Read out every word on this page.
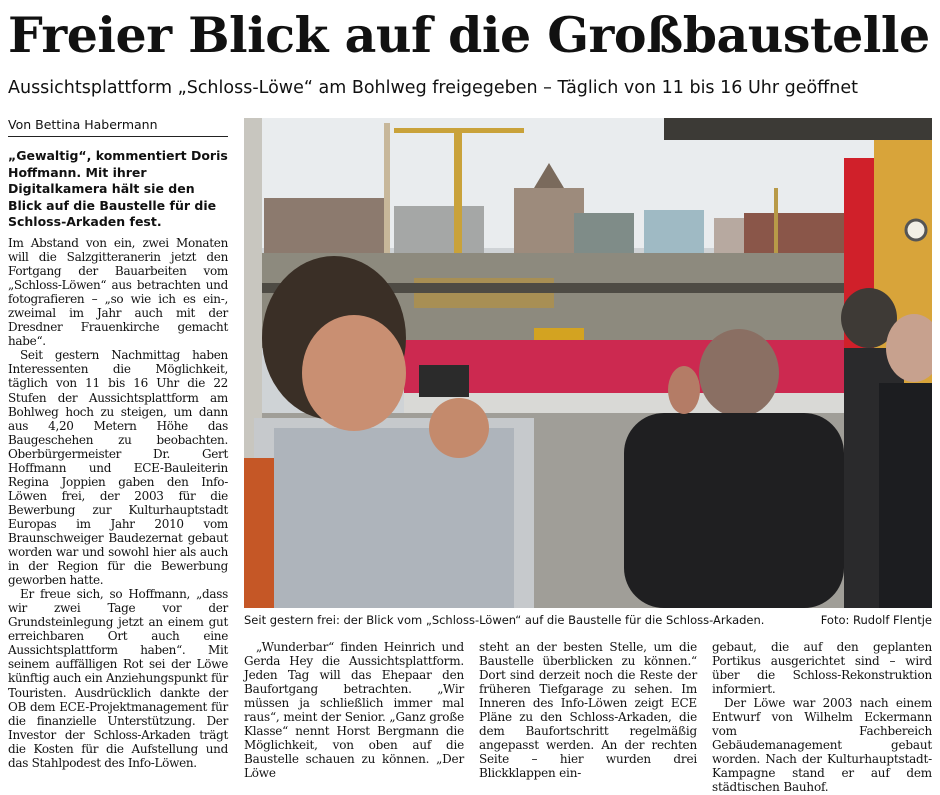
Freier Blick auf die Großbaustelle
Aussichtsplattform „Schloss-Löwe“ am Bohlweg freigegeben – Täglich von 11 bis 16 Uhr geöffnet
Von Bettina Habermann
„Gewaltig“, kommentiert Doris Hoffmann. Mit ihrer Digitalkamera hält sie den Blick auf die Baustelle für die Schloss-Arkaden fest.

Im Abstand von ein, zwei Monaten will die Salzgitteranerin jetzt den Fortgang der Bauarbeiten vom „Schloss-Löwen“ aus betrachten und fotografieren – „so wie ich es ein-, zweimal im Jahr auch mit der Dresdner Frauenkirche gemacht habe“.

Seit gestern Nachmittag haben Interessenten die Möglichkeit, täglich von 11 bis 16 Uhr die 22 Stufen der Aussichtsplattform am Bohlweg hoch zu steigen, um dann aus 4,20 Metern Höhe das Baugeschehen zu beobachten. Oberbürgermeister Dr. Gert Hoffmann und ECE-Bauleiterin Regina Joppien gaben den Info-Löwen frei, der 2003 für die Bewerbung zur Kulturhauptstadt Europas im Jahr 2010 vom Braunschweiger Baudezernat gebaut worden war und sowohl hier als auch in der Region für die Bewerbung geworben hatte.

Er freue sich, so Hoffmann, „dass wir zwei Tage vor der Grundsteinlegung jetzt an einem gut erreichbaren Ort auch eine Aussichtsplattform haben“. Mit seinem auffälligen Rot sei der Löwe künftig auch ein Anziehungspunkt für Touristen. Ausdrücklich dankte der OB dem ECE-Projektmanagement für die finanzielle Unterstützung. Der Investor der Schloss-Arkaden trägt die Kosten für die Aufstellung und das Stahlpodest des Info-Löwen.

Seit gestern frei: der Blick vom „Schloss-Löwen“ auf die Baustelle für die Schloss-Arkaden.	Foto: Rudolf Flentje

„Wunderbar“ finden Heinrich und Gerda Hey die Aussichtsplattform. Jeden Tag will das Ehepaar den Baufortgang betrachten. „Wir müssen ja schließlich immer mal raus“, meint der Senior. „Ganz große Klasse“ nennt Horst Bergmann die Möglichkeit, von oben auf die Baustelle schauen zu können. „Der Löwe

steht an der besten Stelle, um die Baustelle überblicken zu können.“ Dort sind derzeit noch die Reste der früheren Tiefgarage zu sehen. Im Inneren des Info-Löwen zeigt ECE Pläne zu den Schloss-Arkaden, die dem Baufortschritt regelmäßig angepasst werden. An der rechten Seite – hier wurden drei Blickklappen ein-

gebaut, die auf den geplanten Portikus ausgerichtet sind – wird über die Schloss-Rekonstruktion informiert.

Der Löwe war 2003 nach einem Entwurf von Wilhelm Eckermann vom Fachbereich Gebäudemanagement gebaut worden. Nach der Kulturhauptstadt-Kampagne stand er auf dem städtischen Bauhof.
